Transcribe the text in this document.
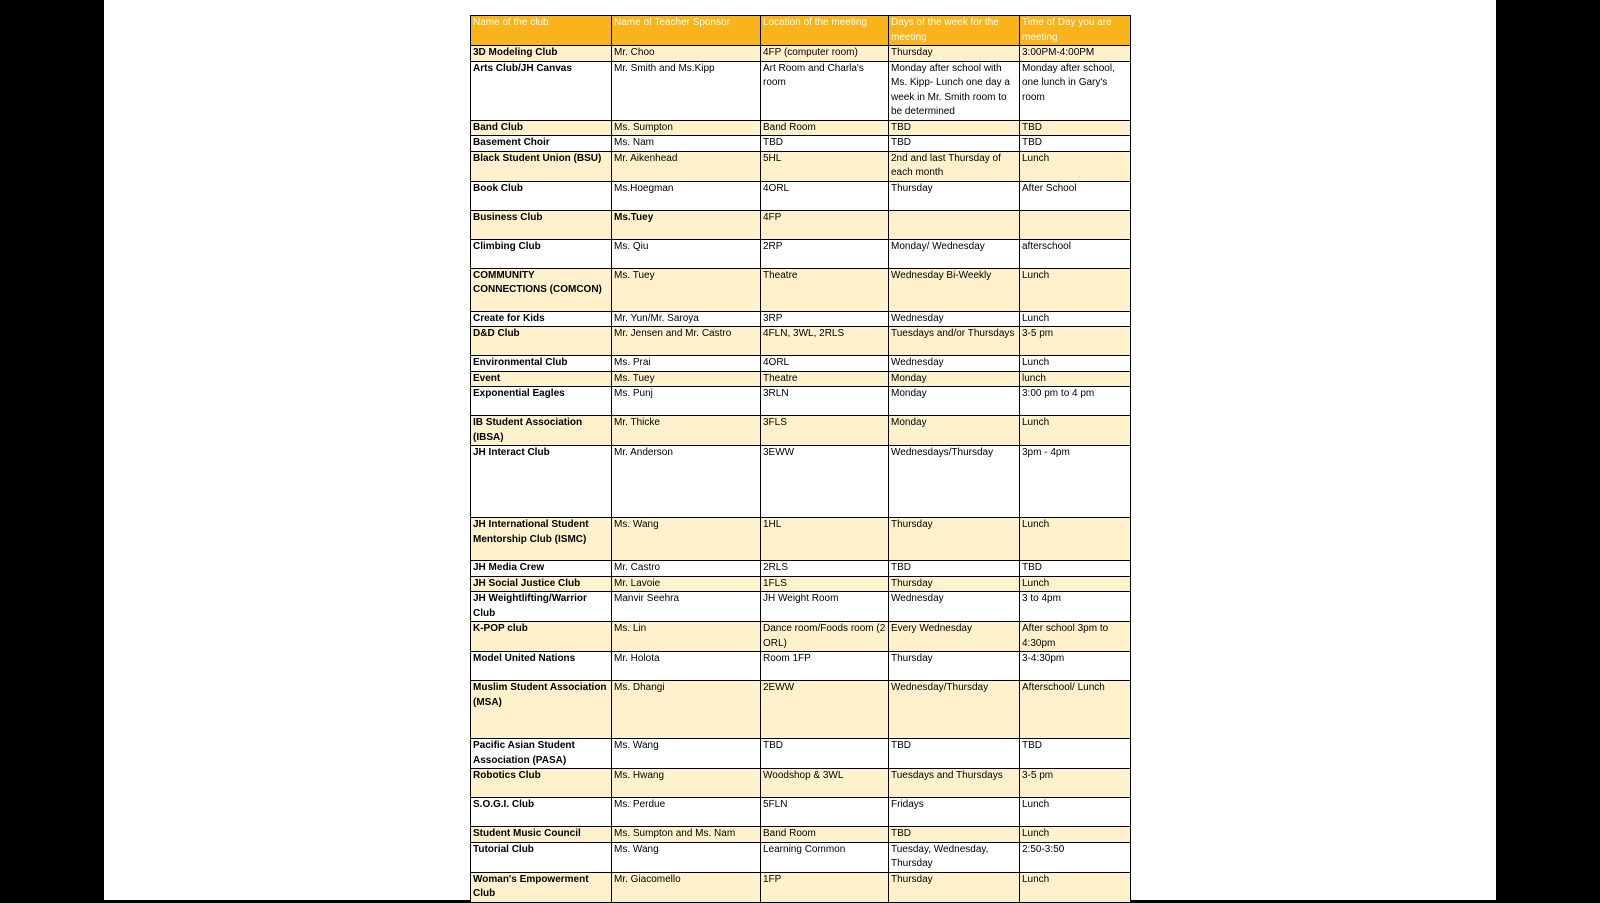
Name of the club	Name of Teacher Sponsor	Location of the meeting	Days of the week for the meeting	Time of Day you are meeting
3D Modeling Club	Mr. Choo	4FP (computer room)	Thursday	3:00PM-4:00PM
Arts Club/JH Canvas	Mr. Smith and Ms.Kipp	Art Room and Charla's room	Monday after school with Ms. Kipp- Lunch one day a week in Mr. Smith room to be determined	Monday after school, one lunch in Gary's room
Band Club	Ms. Sumpton	Band Room	TBD	TBD
Basement Choir	Ms. Nam	TBD	TBD	TBD
Black Student Union (BSU)	Mr. Aikenhead	5HL	2nd and last Thursday of each month	Lunch
Book Club	Ms.Hoegman	4ORL	Thursday	After School
Business Club	Ms.Tuey	4FP		
Climbing Club	Ms. Qiu	2RP	Monday/ Wednesday	afterschool
COMMUNITY CONNECTIONS (COMCON)	Ms. Tuey	Theatre	Wednesday Bi-Weekly	Lunch
Create for Kids	Mr. Yun/Mr. Saroya	3RP	Wednesday	Lunch
D&D Club	Mr. Jensen and Mr. Castro	4FLN, 3WL, 2RLS	Tuesdays and/or Thursdays	3-5 pm
Environmental Club	Ms. Prai	4ORL	Wednesday	Lunch
Event	Ms. Tuey	Theatre	Monday	lunch
Exponential Eagles	Ms. Punj	3RLN	Monday	3:00 pm to 4 pm
IB Student Association (IBSA)	Mr. Thicke	3FLS	Monday	Lunch
JH Interact Club	Mr. Anderson	3EWW	Wednesdays/Thursday	3pm - 4pm
JH International Student Mentorship Club (ISMC)	Ms. Wang	1HL	Thursday	Lunch
JH Media Crew	Mr. Castro	2RLS	TBD	TBD
JH Social Justice Club	Mr. Lavoie	1FLS	Thursday	Lunch
JH Weightlifting/Warrior Club	Manvir Seehra	JH Weight Room	Wednesday	3 to 4pm
K-POP club	Ms. Lin	Dance room/Foods room (2 ORL)	Every Wednesday	After school 3pm to 4:30pm
Model United Nations	Mr. Holota	Room 1FP	Thursday	3-4:30pm
Muslim Student Association (MSA)	Ms. Dhangi	2EWW	Wednesday/Thursday	Afterschool/ Lunch
Pacific Asian Student Association (PASA)	Ms. Wang	TBD	TBD	TBD
Robotics Club	Ms. Hwang	Woodshop & 3WL	Tuesdays and Thursdays	3-5 pm
S.O.G.I. Club	Ms. Perdue	5FLN	Fridays	Lunch
Student Music Council	Ms. Sumpton and Ms. Nam	Band Room	TBD	Lunch
Tutorial Club	Ms. Wang	Learning Common	Tuesday, Wednesday, Thursday	2:50-3:50
Woman's Empowerment Club	Mr. Giacomello	1FP	Thursday	Lunch
